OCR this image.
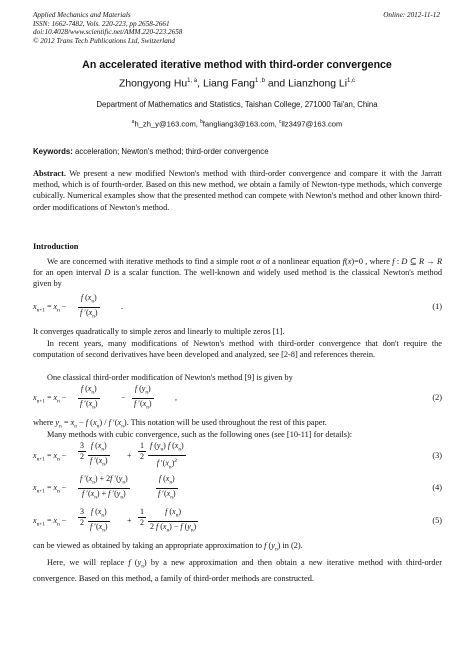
Applied Mechanics and Materials
ISSN: 1662-7482, Vols. 220-223, pp 2658-2661
doi:10.4028/www.scientific.net/AMM.220-223.2658
© 2012 Trans Tech Publications Ltd, Switzerland
Online: 2012-11-12
An accelerated iterative method with third-order convergence
Zhongyong Hu$^{1, a}$, Liang Fang$^{1 ,b}$ and Lianzhong Li$^{1,c}$
Department of Mathematics and Statistics, Taishan College, 271000 Tai'an, China
$^a$h_zh_y@163.com, $^b$fangliang3@163.com, $^c$llz3497@163.com
Keywords: acceleration; Newton's method; third-order convergence
Abstract. We present a new modified Newton's method with third-order convergence and compare it with the Jarratt method, which is of fourth-order. Based on this new method, we obtain a family of Newton-type methods, which converge cubically. Numerical examples show that the presented method can compete with Newton's method and other known third-order modifications of Newton's method.
Introduction
We are concerned with iterative methods to find a simple root α of a nonlinear equation f(x)=0 , where f : D ⊆ R → R for an open interval D is a scalar function. The well-known and widely used method is the classical Newton's method given by
$x_{n+1} = x_n - \frac{f (x_n)}{f '(x_n)}$	.	(1)
It converges quadratically to simple zeros and linearly to multiple zeros [1].
In recent years, many modifications of Newton's method with third-order convergence that don't require the computation of second derivatives have been developed and analyzed, see [2-8] and references therein.
One classical third-order modification of Newton's method [9] is given by
$x_{n+1} = x_n - \frac{f (x_n)}{f '(x_n)}$	− $\frac{f (y_n)}{f '(x_n)}$	,	(2)
where $y_n = x_n - f$ $(x_n)$ / f $'(x_n)$. This notation will be used throughout the rest of this paper.
Many methods with cubic convergence, such as the following ones (see [10-11] for details):
$x_{n+1} = x_n - \frac{3}{2} \frac{f (x_n)}{f '(x_n)} + \frac{1}{2} \frac{f (y_n) f (x_n)}{f '(x_n)^2}$	(3)
$x_{n+1} = x_n - \frac{f '(x_n) + 2f '(y_n)}{f '(x_n) + f '(y_n)}$	$\frac{f (x_n)}{f '(x_n)}$	(4)
$x_{n+1} = x_n - \frac{3}{2} \frac{f (x_n)}{f '(x_n)} + \frac{1}{2} \frac{f (x_n)}{2 f (x_n) - f (y_n)}$	(5)
can be viewed as obtained by taking an appropriate approximation to f $(y_n)$ in (2).
Here, we will replace f $(y_n)$ by a new approximation and then obtain a new iterative method with third-order convergence. Based on this method, a family of third-order methods are constructed.
